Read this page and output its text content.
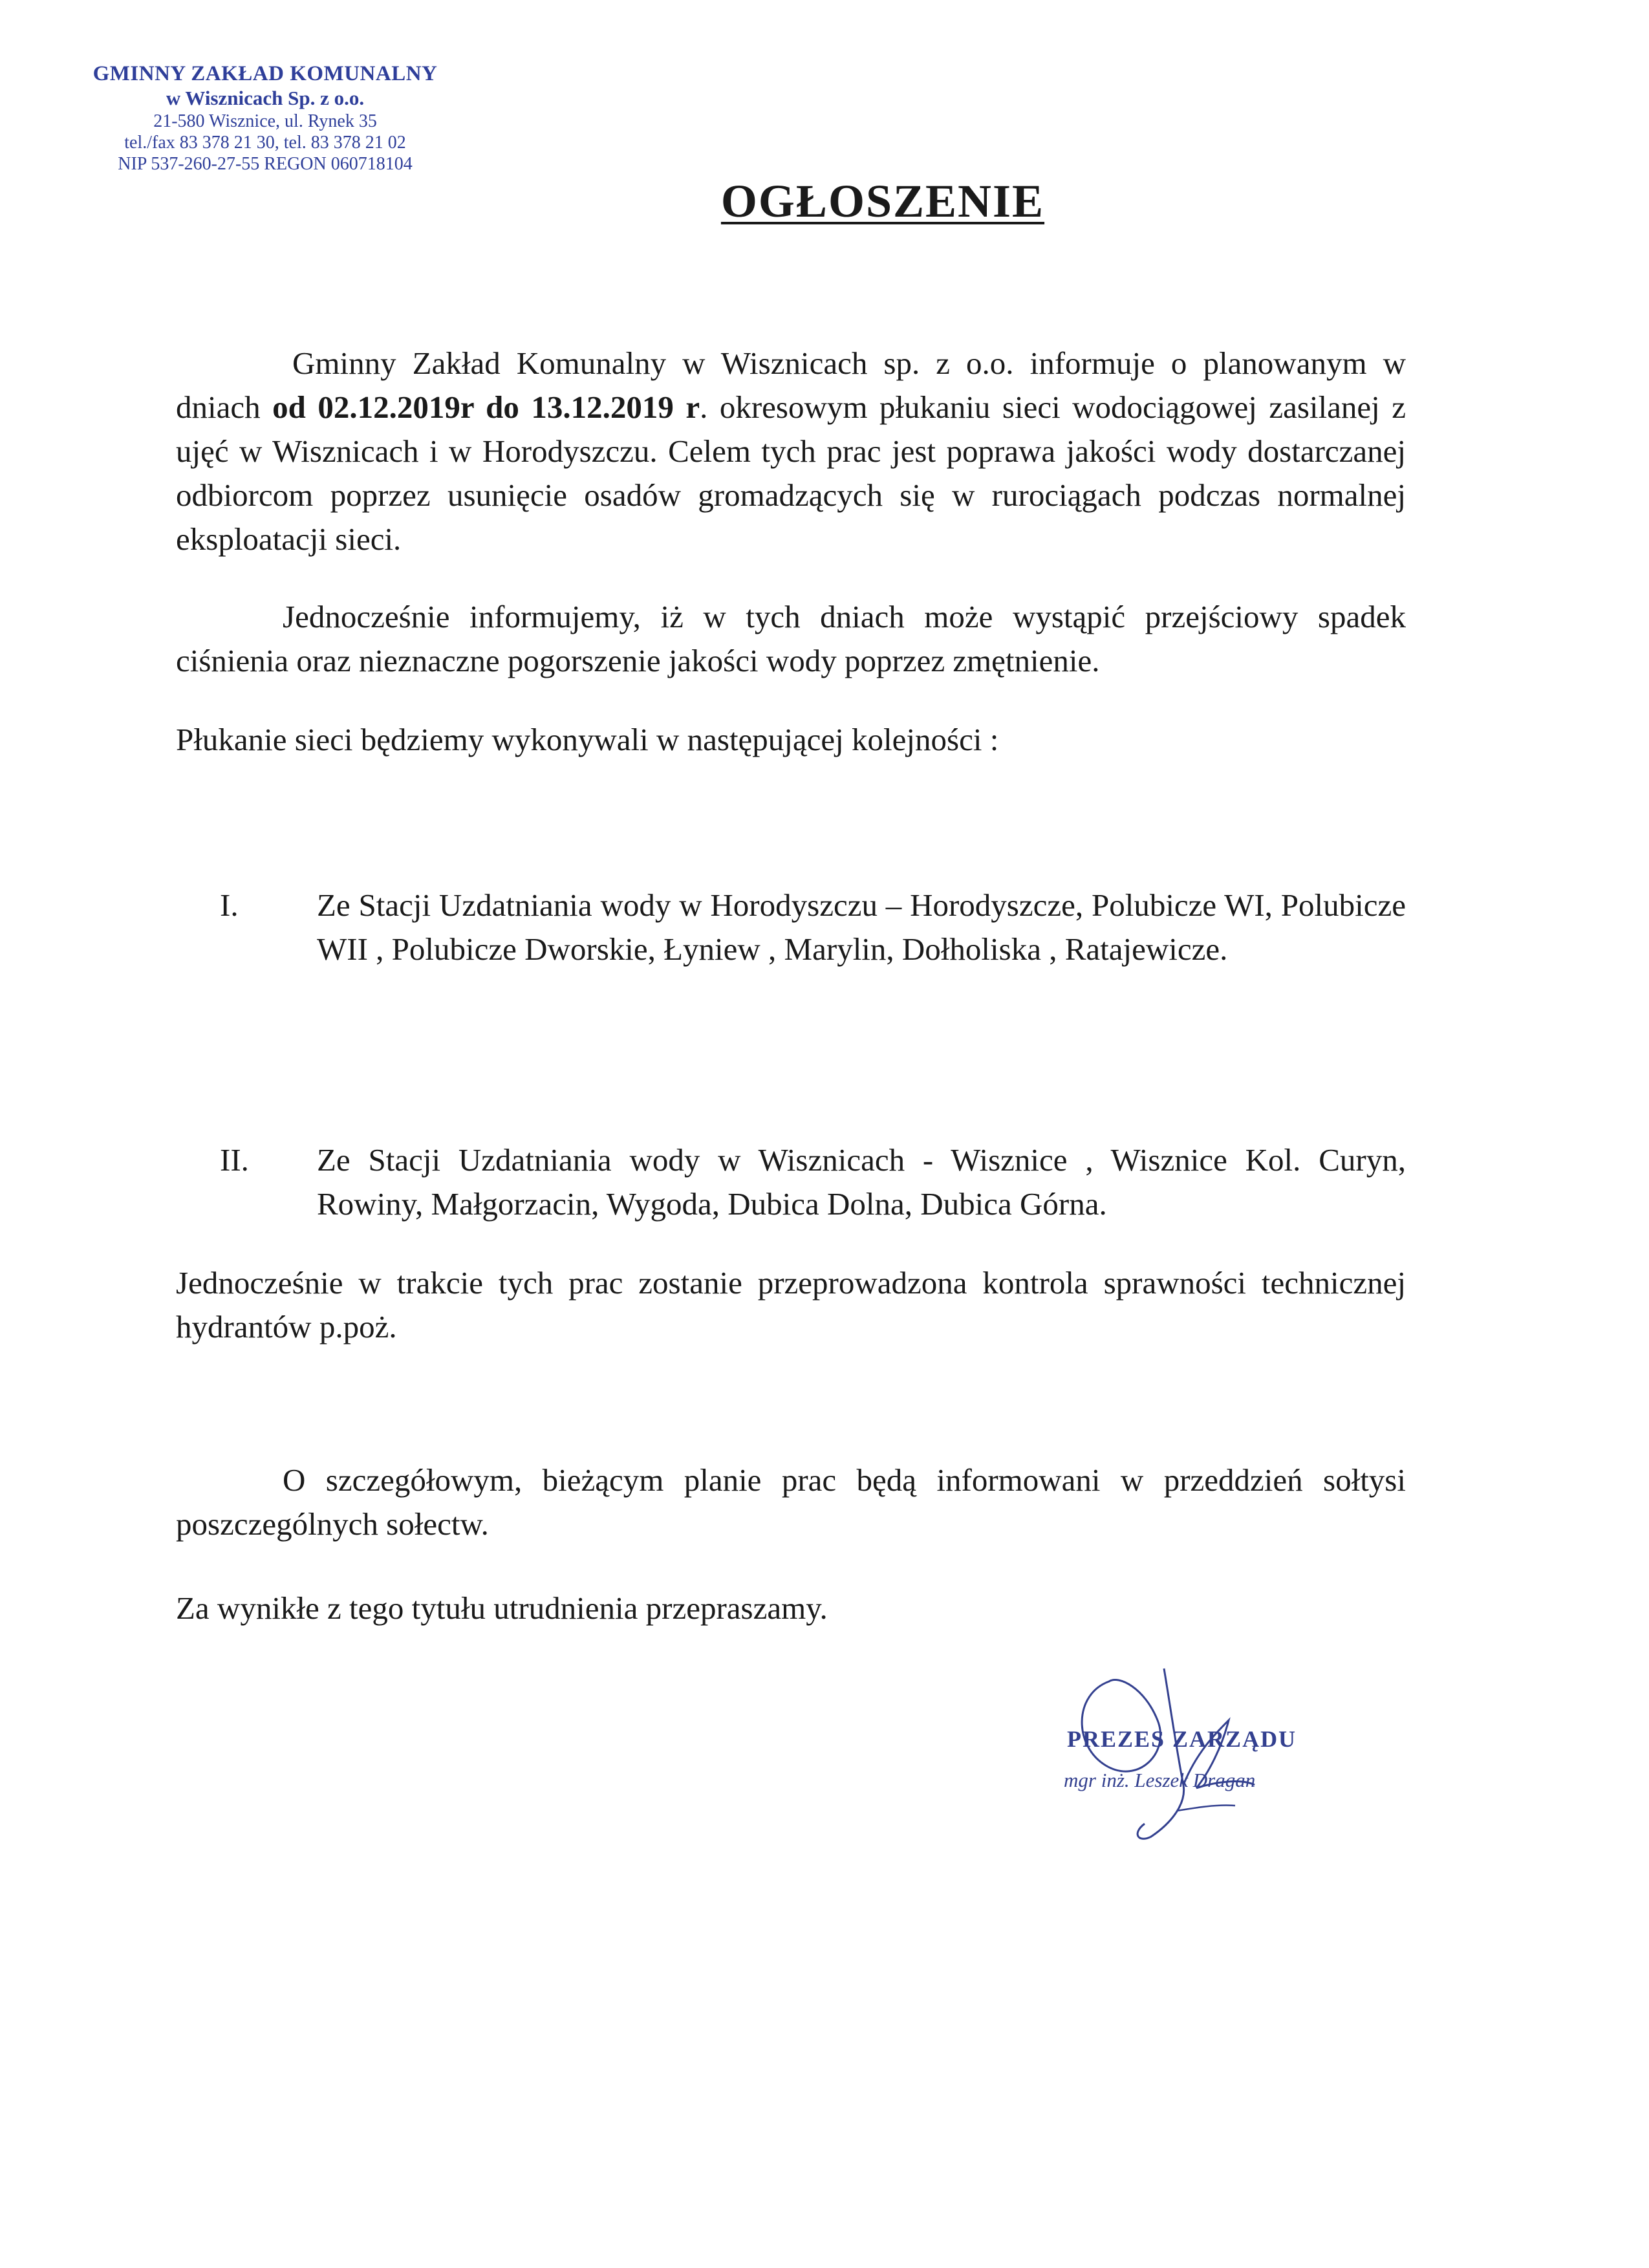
GMINNY ZAKŁAD KOMUNALNY
w Wisznicach Sp. z o.o.
21-580 Wisznice, ul. Rynek 35
tel./fax 83 378 21 30, tel. 83 378 21 02
NIP 537-260-27-55 REGON 060718104
OGŁOSZENIE
Gminny Zakład Komunalny w Wisznicach sp. z o.o. informuje o planowanym w dniach od 02.12.2019r do 13.12.2019 r. okresowym płukaniu sieci wodociągowej zasilanej z ujęć w Wisznicach i w Horodyszczu. Celem tych prac jest poprawa jakości wody dostarczanej odbiorcom poprzez usunięcie osadów gromadzących się w rurociągach podczas normalnej eksploatacji sieci.
Jednocześnie informujemy, iż w tych dniach może wystąpić przejściowy spadek ciśnienia oraz nieznaczne pogorszenie jakości wody poprzez zmętnienie.
Płukanie sieci będziemy wykonywali w następującej kolejności :
I.	Ze Stacji Uzdatniania wody w Horodyszczu – Horodyszcze, Polubicze WI, Polubicze WII , Polubicze Dworskie, Łyniew , Marylin, Dołholiska , Ratajewicze.
II.	Ze Stacji Uzdatniania wody w Wisznicach - Wisznice , Wisznice Kol. Curyn, Rowiny, Małgorzacin, Wygoda, Dubica Dolna, Dubica Górna.
Jednocześnie w trakcie tych prac zostanie przeprowadzona kontrola sprawności technicznej hydrantów p.poż.
O szczegółowym, bieżącym planie prac będą informowani w przeddzień sołtysi poszczególnych sołectw.
Za wynikłe z tego tytułu utrudnienia przepraszamy.
PREZES ZARZĄDU
mgr inż. Leszek Dragan
